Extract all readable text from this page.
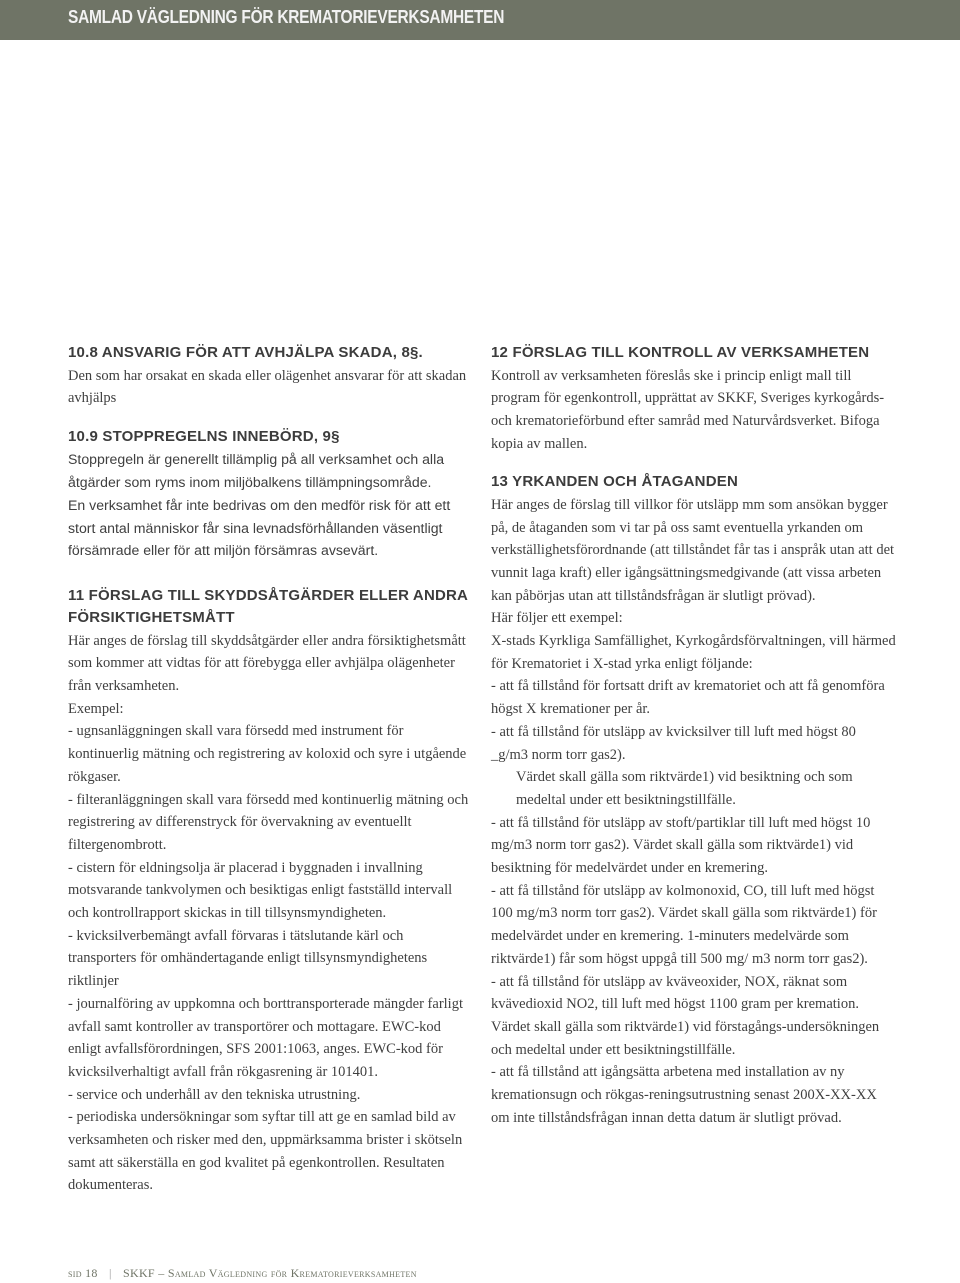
SAMLAD VÄGLEDNING FÖR KREMATORIEVERKSAMHETEN
10.8 ANSVARIG FÖR ATT AVHJÄLPA SKADA, 8§.

Den som har orsakat en skada eller olägenhet ansvarar för att skadan avhjälps

10.9 STOPPREGELNS INNEBÖRD, 9§

Stoppregeln är generellt tillämplig på all verksamhet och alla åtgärder som ryms inom miljöbalkens tillämpningsområde.

En verksamhet får inte bedrivas om den medför risk för att ett stort antal människor får sina levnadsförhållanden väsentligt försämrade eller för att miljön försämras avsevärt.

11 FÖRSLAG TILL SKYDDSÅTGÄRDER ELLER ANDRA FÖRSIKTIGHETSMÅTT

Här anges de förslag till skyddsåtgärder eller andra försiktighetsmått som kommer att vidtas för att förebygga eller avhjälpa olägenheter från verksamheten.

Exempel:

- ugnsanläggningen skall vara försedd med instrument för kontinuerlig mätning och registrering av koloxid och syre i utgående rökgaser.

- filteranläggningen skall vara försedd med kontinuerlig mätning och registrering av differenstryck för övervakning av eventuellt filtergenombrott.

- cistern för eldningsolja är placerad i byggnaden i invallning motsvarande tankvolymen och besiktigas enligt fastställd intervall och kontrollrapport skickas in till tillsynsmyndigheten.

- kvicksilverbemängt avfall förvaras i tätslutande kärl och transporters för omhändertagande enligt tillsynsmyndighetens riktlinjer

- journalföring av uppkomna och borttransporterade mängder farligt avfall samt kontroller av transportörer och mottagare. EWC-kod enligt avfallsförordningen, SFS 2001:1063, anges. EWC-kod för kvicksilverhaltigt avfall från rökgasrening är 101401.

- service och underhåll av den tekniska utrustning.

- periodiska undersökningar som syftar till att ge en samlad bild av verksamheten och risker med den, uppmärksamma brister i skötseln samt att säkerställa en god kvalitet på egenkontrollen. Resultaten dokumenteras.

12 FÖRSLAG TILL KONTROLL AV VERKSAMHETEN

Kontroll av verksamheten föreslås ske i princip enligt mall till program för egenkontroll, upprättat av SKKF, Sveriges kyrkogårds- och krematorieförbund efter samråd med Naturvårdsverket. Bifoga kopia av mallen.

13 YRKANDEN OCH ÅTAGANDEN

Här anges de förslag till villkor för utsläpp mm som ansökan bygger på, de åtaganden som vi tar på oss samt eventuella yrkanden om verkställighetsförordnande (att tillståndet får tas i anspråk utan att det vunnit laga kraft) eller igångsättningsmedgivande (att vissa arbeten kan påbörjas utan att tillståndsfrågan är slutligt prövad).

Här följer ett exempel:

X-stads Kyrkliga Samfällighet, Kyrkogårdsförvaltningen, vill härmed för Krematoriet i X-stad yrka enligt följande:

- att få tillstånd för fortsatt drift av krematoriet och att få genomföra högst X kremationer per år.

- att få tillstånd för utsläpp av kvicksilver till luft med högst 80 _g/m3 norm torr gas2).

Värdet skall gälla som riktvärde1) vid besiktning och som medeltal under ett besiktningstillfälle.

- att få tillstånd för utsläpp av stoft/partiklar till luft med högst 10 mg/m3 norm torr gas2). Värdet skall gälla som riktvärde1) vid besiktning för medelvärdet under en kremering.

- att få tillstånd för utsläpp av kolmonoxid, CO, till luft med högst 100 mg/m3 norm torr gas2). Värdet skall gälla som riktvärde1) för medelvärdet under en kremering. 1-minuters medelvärde som riktvärde1) får som högst uppgå till 500 mg/ m3 norm torr gas2).

- att få tillstånd för utsläpp av kväveoxider, NOX, räknat som kvävedioxid NO2, till luft med högst 1100 gram per kremation. Värdet skall gälla som riktvärde1) vid förstagångs-undersökningen och medeltal under ett besiktningstillfälle.

- att få tillstånd att igångsätta arbetena med installation av ny kremationsugn och rökgas-reningsutrustning senast 200X-XX-XX om inte tillståndsfrågan innan detta datum är slutligt prövad.

sid 18 | SKKF – Samlad Vägledning för Krematorieverksamheten
